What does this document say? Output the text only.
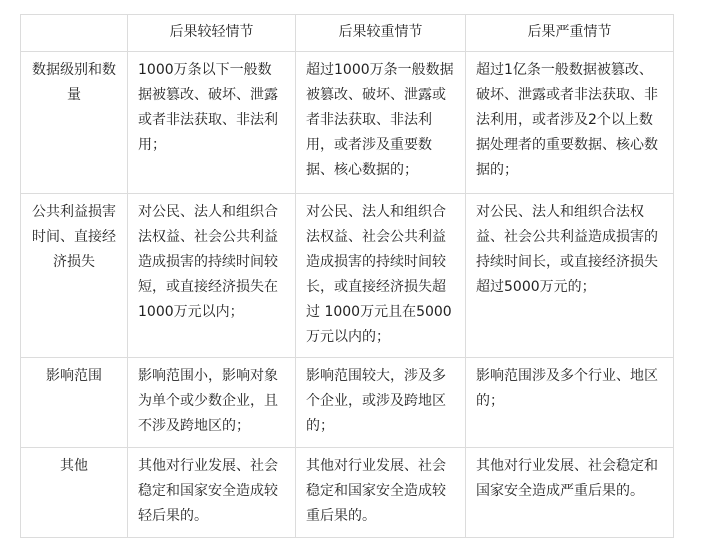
	后果较轻情节	后果较重情节	后果严重情节
数据级别和数量	1000万条以下一般数据被篡改、破坏、泄露或者非法获取、非法利用；	超过1000万条一般数据被篡改、破坏、泄露或者非法获取、非法利用，或者涉及重要数据、核心数据的；	超过1亿条一般数据被篡改、破坏、泄露或者非法获取、非法利用，或者涉及2个以上数据处理者的重要数据、核心数据的；
公共利益损害时间、直接经济损失	对公民、法人和组织合法权益、社会公共利益造成损害的持续时间较短，或直接经济损失在1000万元以内；	对公民、法人和组织合法权益、社会公共利益造成损害的持续时间较长，或直接经济损失超过 1000万元且在5000万元以内的；	对公民、法人和组织合法权益、社会公共利益造成损害的持续时间长，或直接经济损失超过5000万元的；
影响范围	影响范围小，影响对象为单个或少数企业，且不涉及跨地区的；	影响范围较大，涉及多个企业，或涉及跨地区的；	影响范围涉及多个行业、地区的；
其他	其他对行业发展、社会稳定和国家安全造成较轻后果的。	其他对行业发展、社会稳定和国家安全造成较重后果的。	其他对行业发展、社会稳定和国家安全造成严重后果的。
